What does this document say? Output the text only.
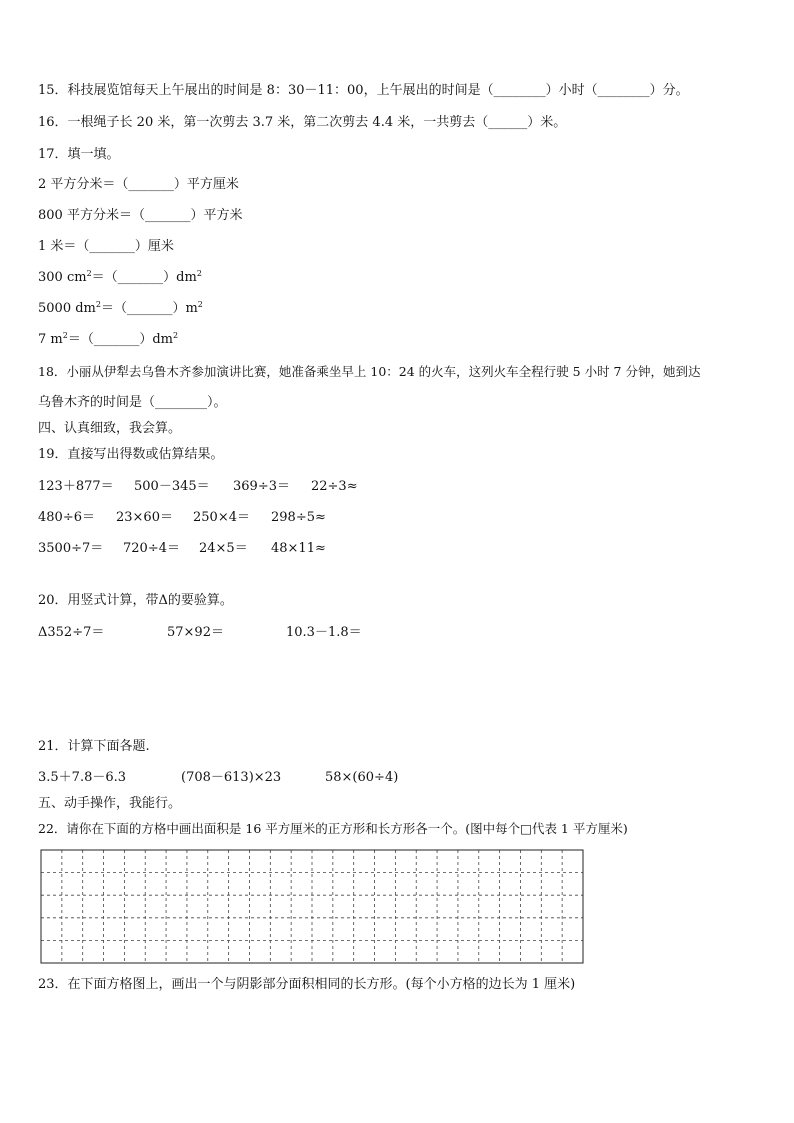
15．科技展览馆每天上午展出的时间是 8：30－11：00，上午展出的时间是（________）小时（________）分。
16．一根绳子长 20 米，第一次剪去 3.7 米，第二次剪去 4.4 米，一共剪去（______）米。
17．填一填。
2 平方分米＝（_______）平方厘米
800 平方分米＝（_______）平方米
1 米＝（_______）厘米
300 $cm^2=(\_\_\_\_\_\_\_)dm^2$
5000 $dm^2=(\_\_\_\_\_\_\_)m^2$
7 $m^2=(\_\_\_\_\_\_\_)dm^2$
18．小丽从伊犁去乌鲁木齐参加演讲比赛，她准备乘坐早上 10：24 的火车，这列火车全程行驶 5 小时 7 分钟，她到达
乌鲁木齐的时间是（________）。
四、认真细致，我会算。
19．直接写出得数或估算结果。
123＋877＝ 500－345＝ 369÷3＝ 22÷3≈
480÷6＝ 23×60＝ 250×4＝ 298÷5≈
3500÷7＝ 720÷4＝ 24×5＝ 48×11≈
20．用竖式计算，带Δ的要验算。
Δ352÷7＝	57×92＝	10.3－1.8＝
21．计算下面各题.
3.5＋7.8－6.3	(708－613)×23	58×(60÷4)
五、动手操作，我能行。
22．请你在下面的方格中画出面积是 16 平方厘米的正方形和长方形各一个。(图中每个□代表 1 平方厘米)
23．在下面方格图上，画出一个与阴影部分面积相同的长方形。(每个小方格的边长为 1 厘米)
